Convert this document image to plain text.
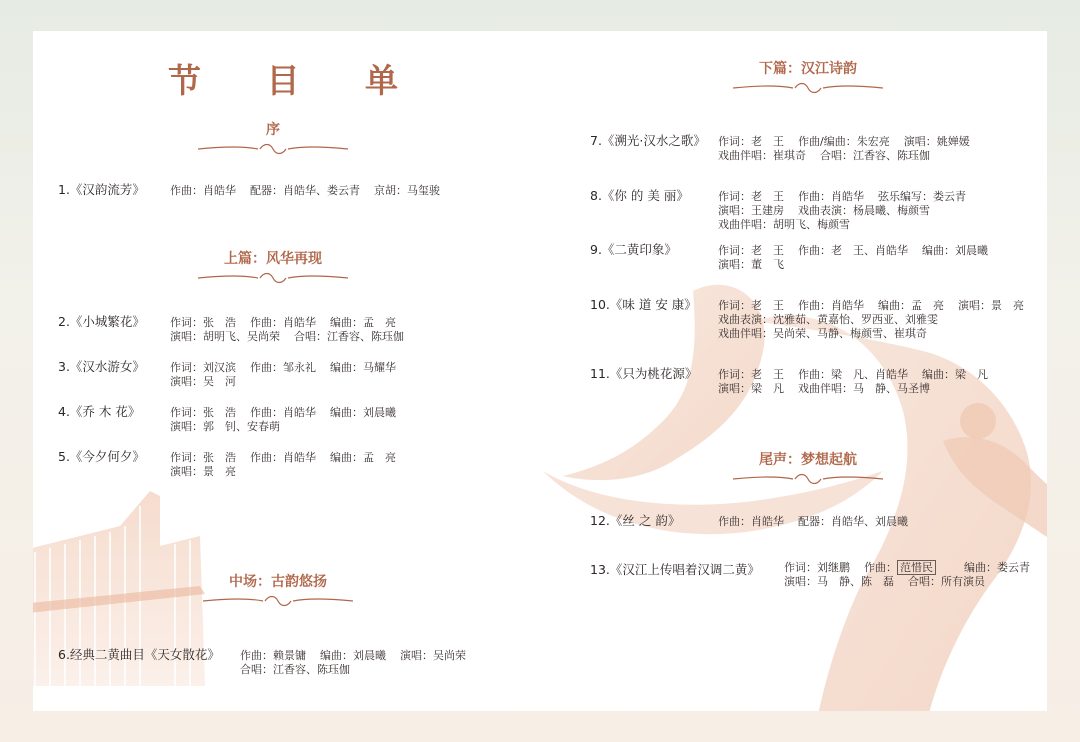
节 目 单
序
上篇：风华再现
中场：古韵悠扬
下篇：汉江诗韵
尾声：梦想起航
1.《汉韵流芳》 作曲：肖皓华 配器：肖皓华、娄云青 京胡：马玺骏
2.《小城繁花》 作词：张　浩 作曲：肖皓华 编曲：孟　亮
演唱：胡明飞、吴尚荣 合唱：江香容、陈珏伽
3.《汉水游女》 作词：刘汉滨 作曲：邹永礼 编曲：马耀华
演唱：吴　河
4.《乔 木 花》	作词：张　浩 作曲：肖皓华 编曲：刘晨曦
演唱：郭　钊、安春萌
5.《今夕何夕》 作词：张　浩 作曲：肖皓华 编曲：孟　亮
演唱：景　亮
6.经典二黄曲目《天女散花》 作曲：赖景镛 编曲：刘晨曦 演唱：吴尚荣
合唱：江香容、陈珏伽
7.《溯光·汉水之歌》 作词：老　王 作曲/编曲：朱宏亮 演唱：姚婵媛
戏曲伴唱：崔琪奇 合唱：江香容、陈珏伽
8.《你 的 美 丽》	作词：老　王 作曲：肖皓华 弦乐编写：娄云青
演唱：王建房 戏曲表演：杨晨曦、梅颜雪
戏曲伴唱：胡明飞、梅颜雪
9.《二黄印象》	作词：老　王 作曲：老　王、肖皓华 编曲：刘晨曦
演唱：董　飞
10.《味 道 安 康》 作词：老　王 作曲：肖皓华 编曲：孟　亮 演唱：景　亮
戏曲表演：沈雅茹、黄嘉怡、罗西亚、刘雅雯
戏曲伴唱：吴尚荣、马静、梅颜雪、崔琪奇
11.《只为桃花源》 作词：老　王 作曲：梁　凡、肖皓华 编曲：梁　凡
演唱：梁　凡 戏曲伴唱：马　静、马圣博
12.《丝 之 韵》	作曲：肖皓华 配器：肖皓华、刘晨曦
13.《汉江上传唱着汉调二黄》 作词：刘继鹏 作曲： 范惜民	编曲：娄云青
演唱：马　静、陈　磊 合唱：所有演员
